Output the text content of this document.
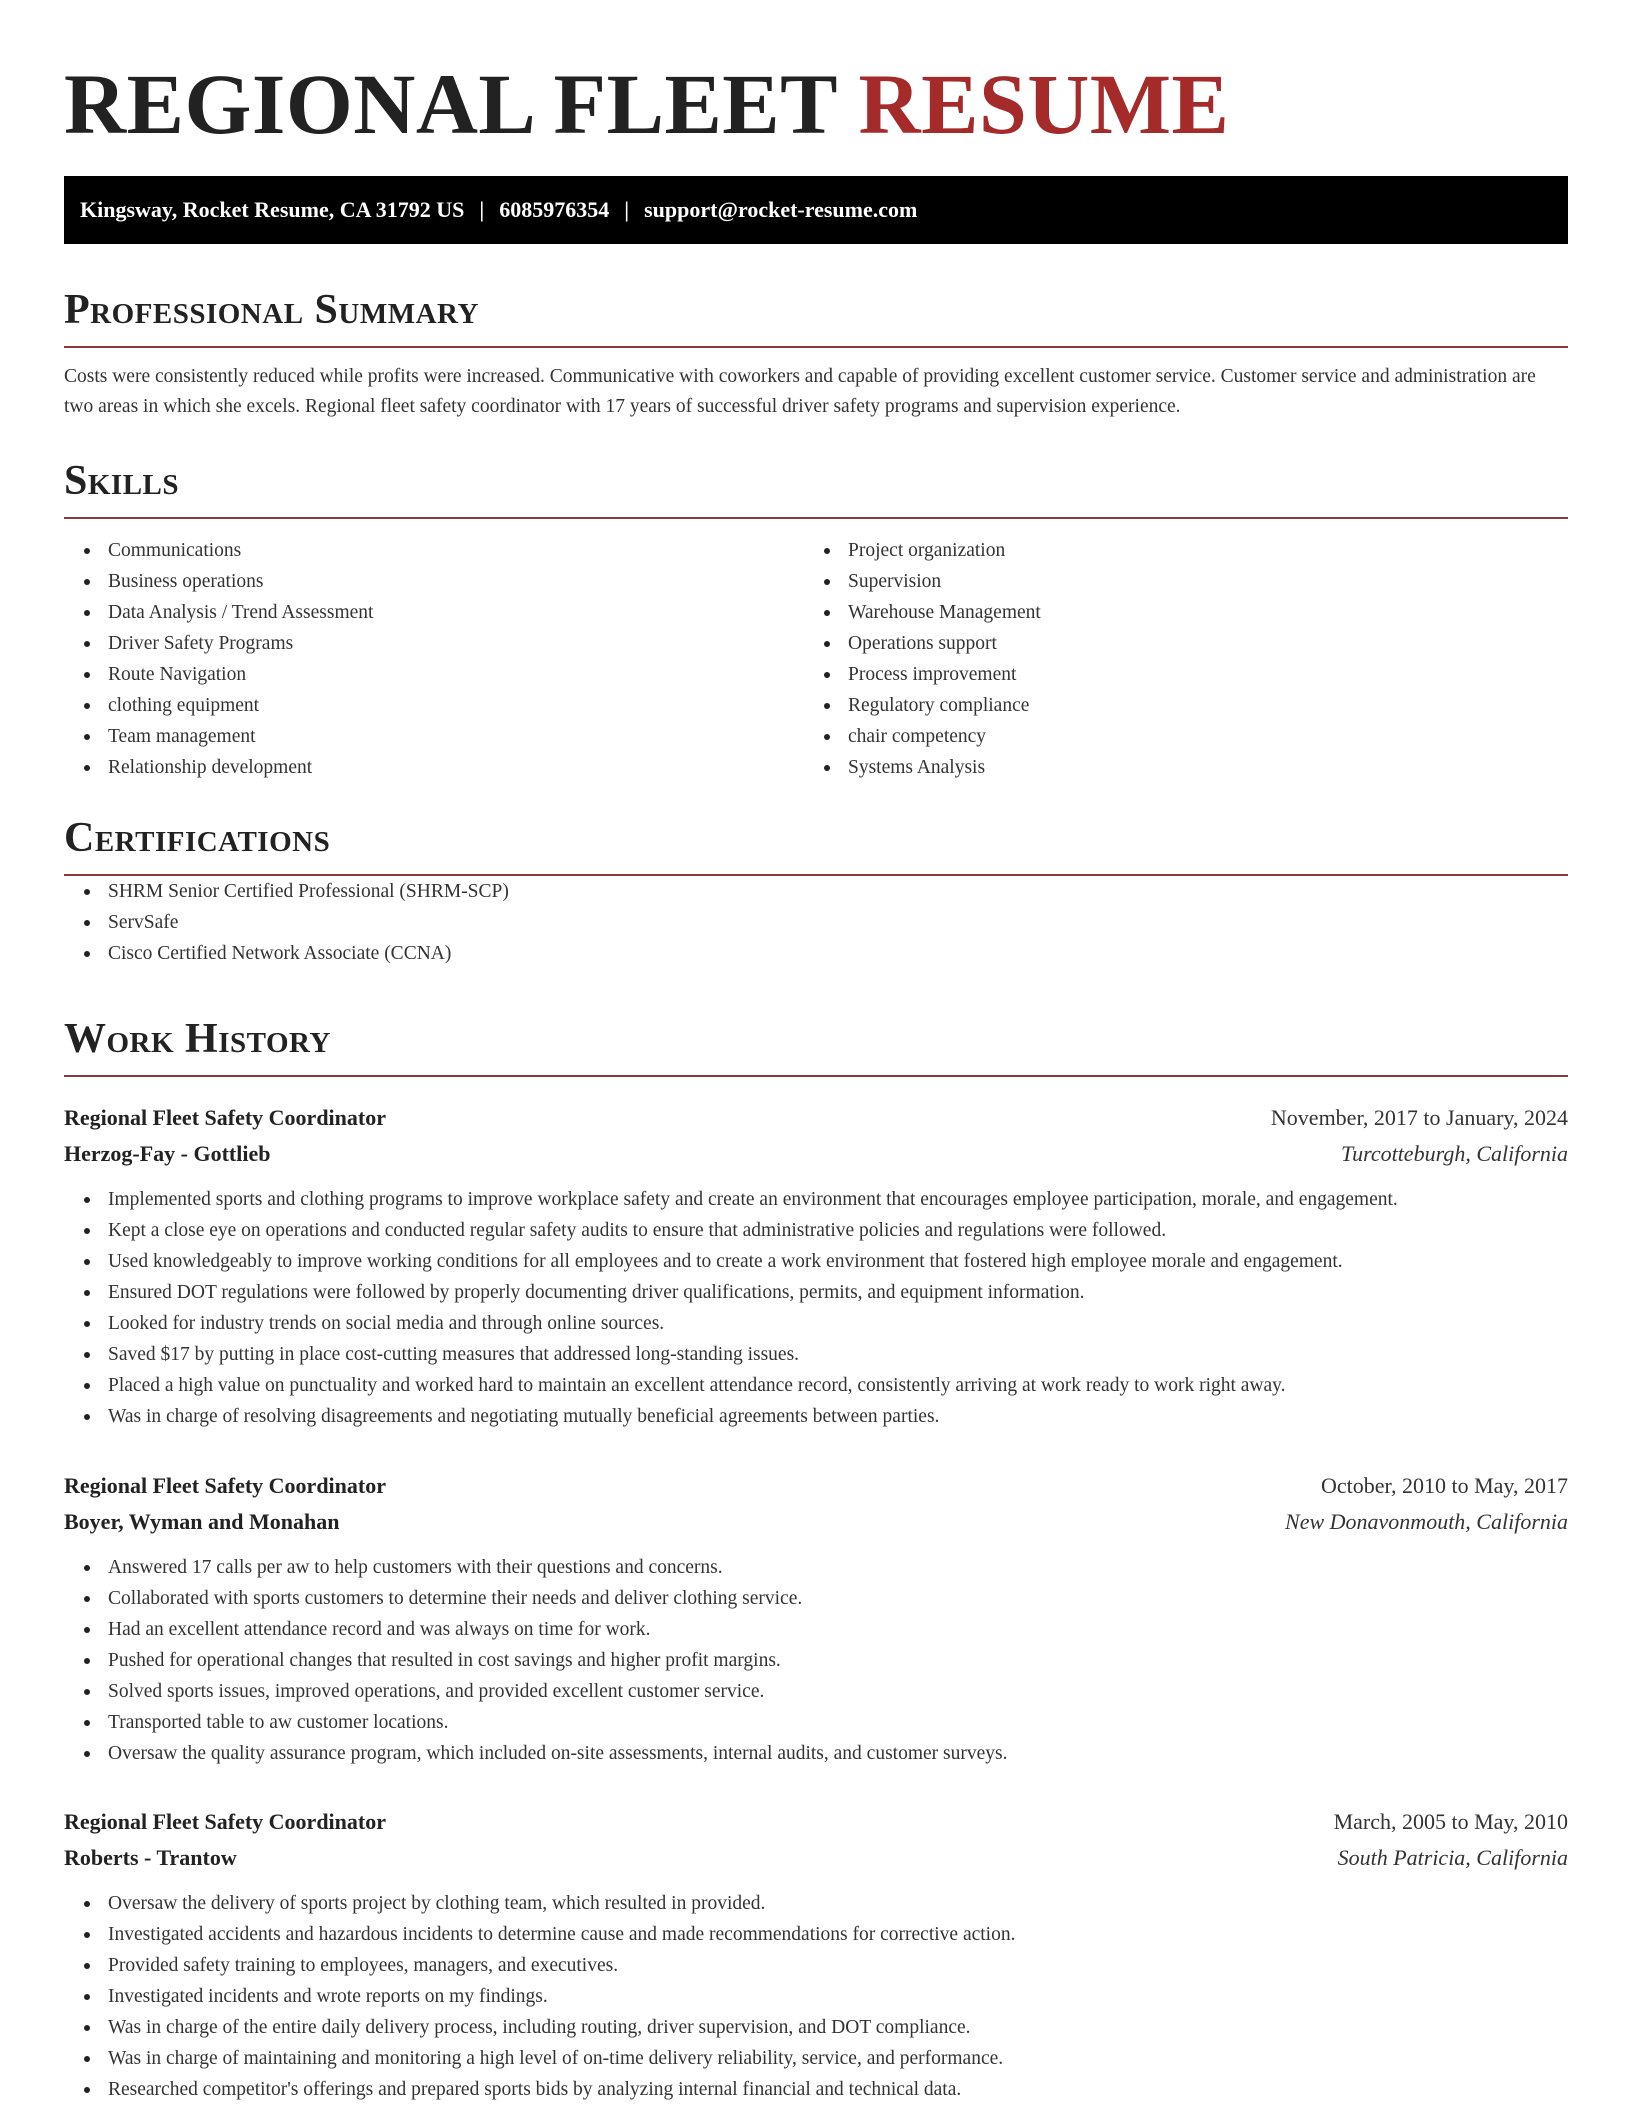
REGIONAL FLEET RESUME
Kingsway, Rocket Resume, CA 31792 US | 6085976354 | support@rocket-resume.com
Professional Summary

Costs were consistently reduced while profits were increased. Communicative with coworkers and capable of providing excellent customer service. Customer service and administration are two areas in which she excels. Regional fleet safety coordinator with 17 years of successful driver safety programs and supervision experience.

Skills
Communications
Business operations
Data Analysis / Trend Assessment
Driver Safety Programs
Route Navigation
clothing equipment
Team management
Relationship development
Project organization
Supervision
Warehouse Management
Operations support
Process improvement
Regulatory compliance
chair competency
Systems Analysis
Certifications
SHRM Senior Certified Professional (SHRM-SCP)
ServSafe
Cisco Certified Network Associate (CCNA)
Work History
Regional Fleet Safety Coordinator	November, 2017 to January, 2024
Herzog-Fay - Gottlieb	Turcotteburgh, California
Implemented sports and clothing programs to improve workplace safety and create an environment that encourages employee participation, morale, and engagement.
Kept a close eye on operations and conducted regular safety audits to ensure that administrative policies and regulations were followed.
Used knowledgeably to improve working conditions for all employees and to create a work environment that fostered high employee morale and engagement.
Ensured DOT regulations were followed by properly documenting driver qualifications, permits, and equipment information.
Looked for industry trends on social media and through online sources.
Saved $17 by putting in place cost-cutting measures that addressed long-standing issues.
Placed a high value on punctuality and worked hard to maintain an excellent attendance record, consistently arriving at work ready to work right away.
Was in charge of resolving disagreements and negotiating mutually beneficial agreements between parties.
Regional Fleet Safety Coordinator	October, 2010 to May, 2017
Boyer, Wyman and Monahan	New Donavonmouth, California
Answered 17 calls per aw to help customers with their questions and concerns.
Collaborated with sports customers to determine their needs and deliver clothing service.
Had an excellent attendance record and was always on time for work.
Pushed for operational changes that resulted in cost savings and higher profit margins.
Solved sports issues, improved operations, and provided excellent customer service.
Transported table to aw customer locations.
Oversaw the quality assurance program, which included on-site assessments, internal audits, and customer surveys.
Regional Fleet Safety Coordinator	March, 2005 to May, 2010
Roberts - Trantow	South Patricia, California
Oversaw the delivery of sports project by clothing team, which resulted in provided.
Investigated accidents and hazardous incidents to determine cause and made recommendations for corrective action.
Provided safety training to employees, managers, and executives.
Investigated incidents and wrote reports on my findings.
Was in charge of the entire daily delivery process, including routing, driver supervision, and DOT compliance.
Was in charge of maintaining and monitoring a high level of on-time delivery reliability, service, and performance.
Researched competitor's offerings and prepared sports bids by analyzing internal financial and technical data.
